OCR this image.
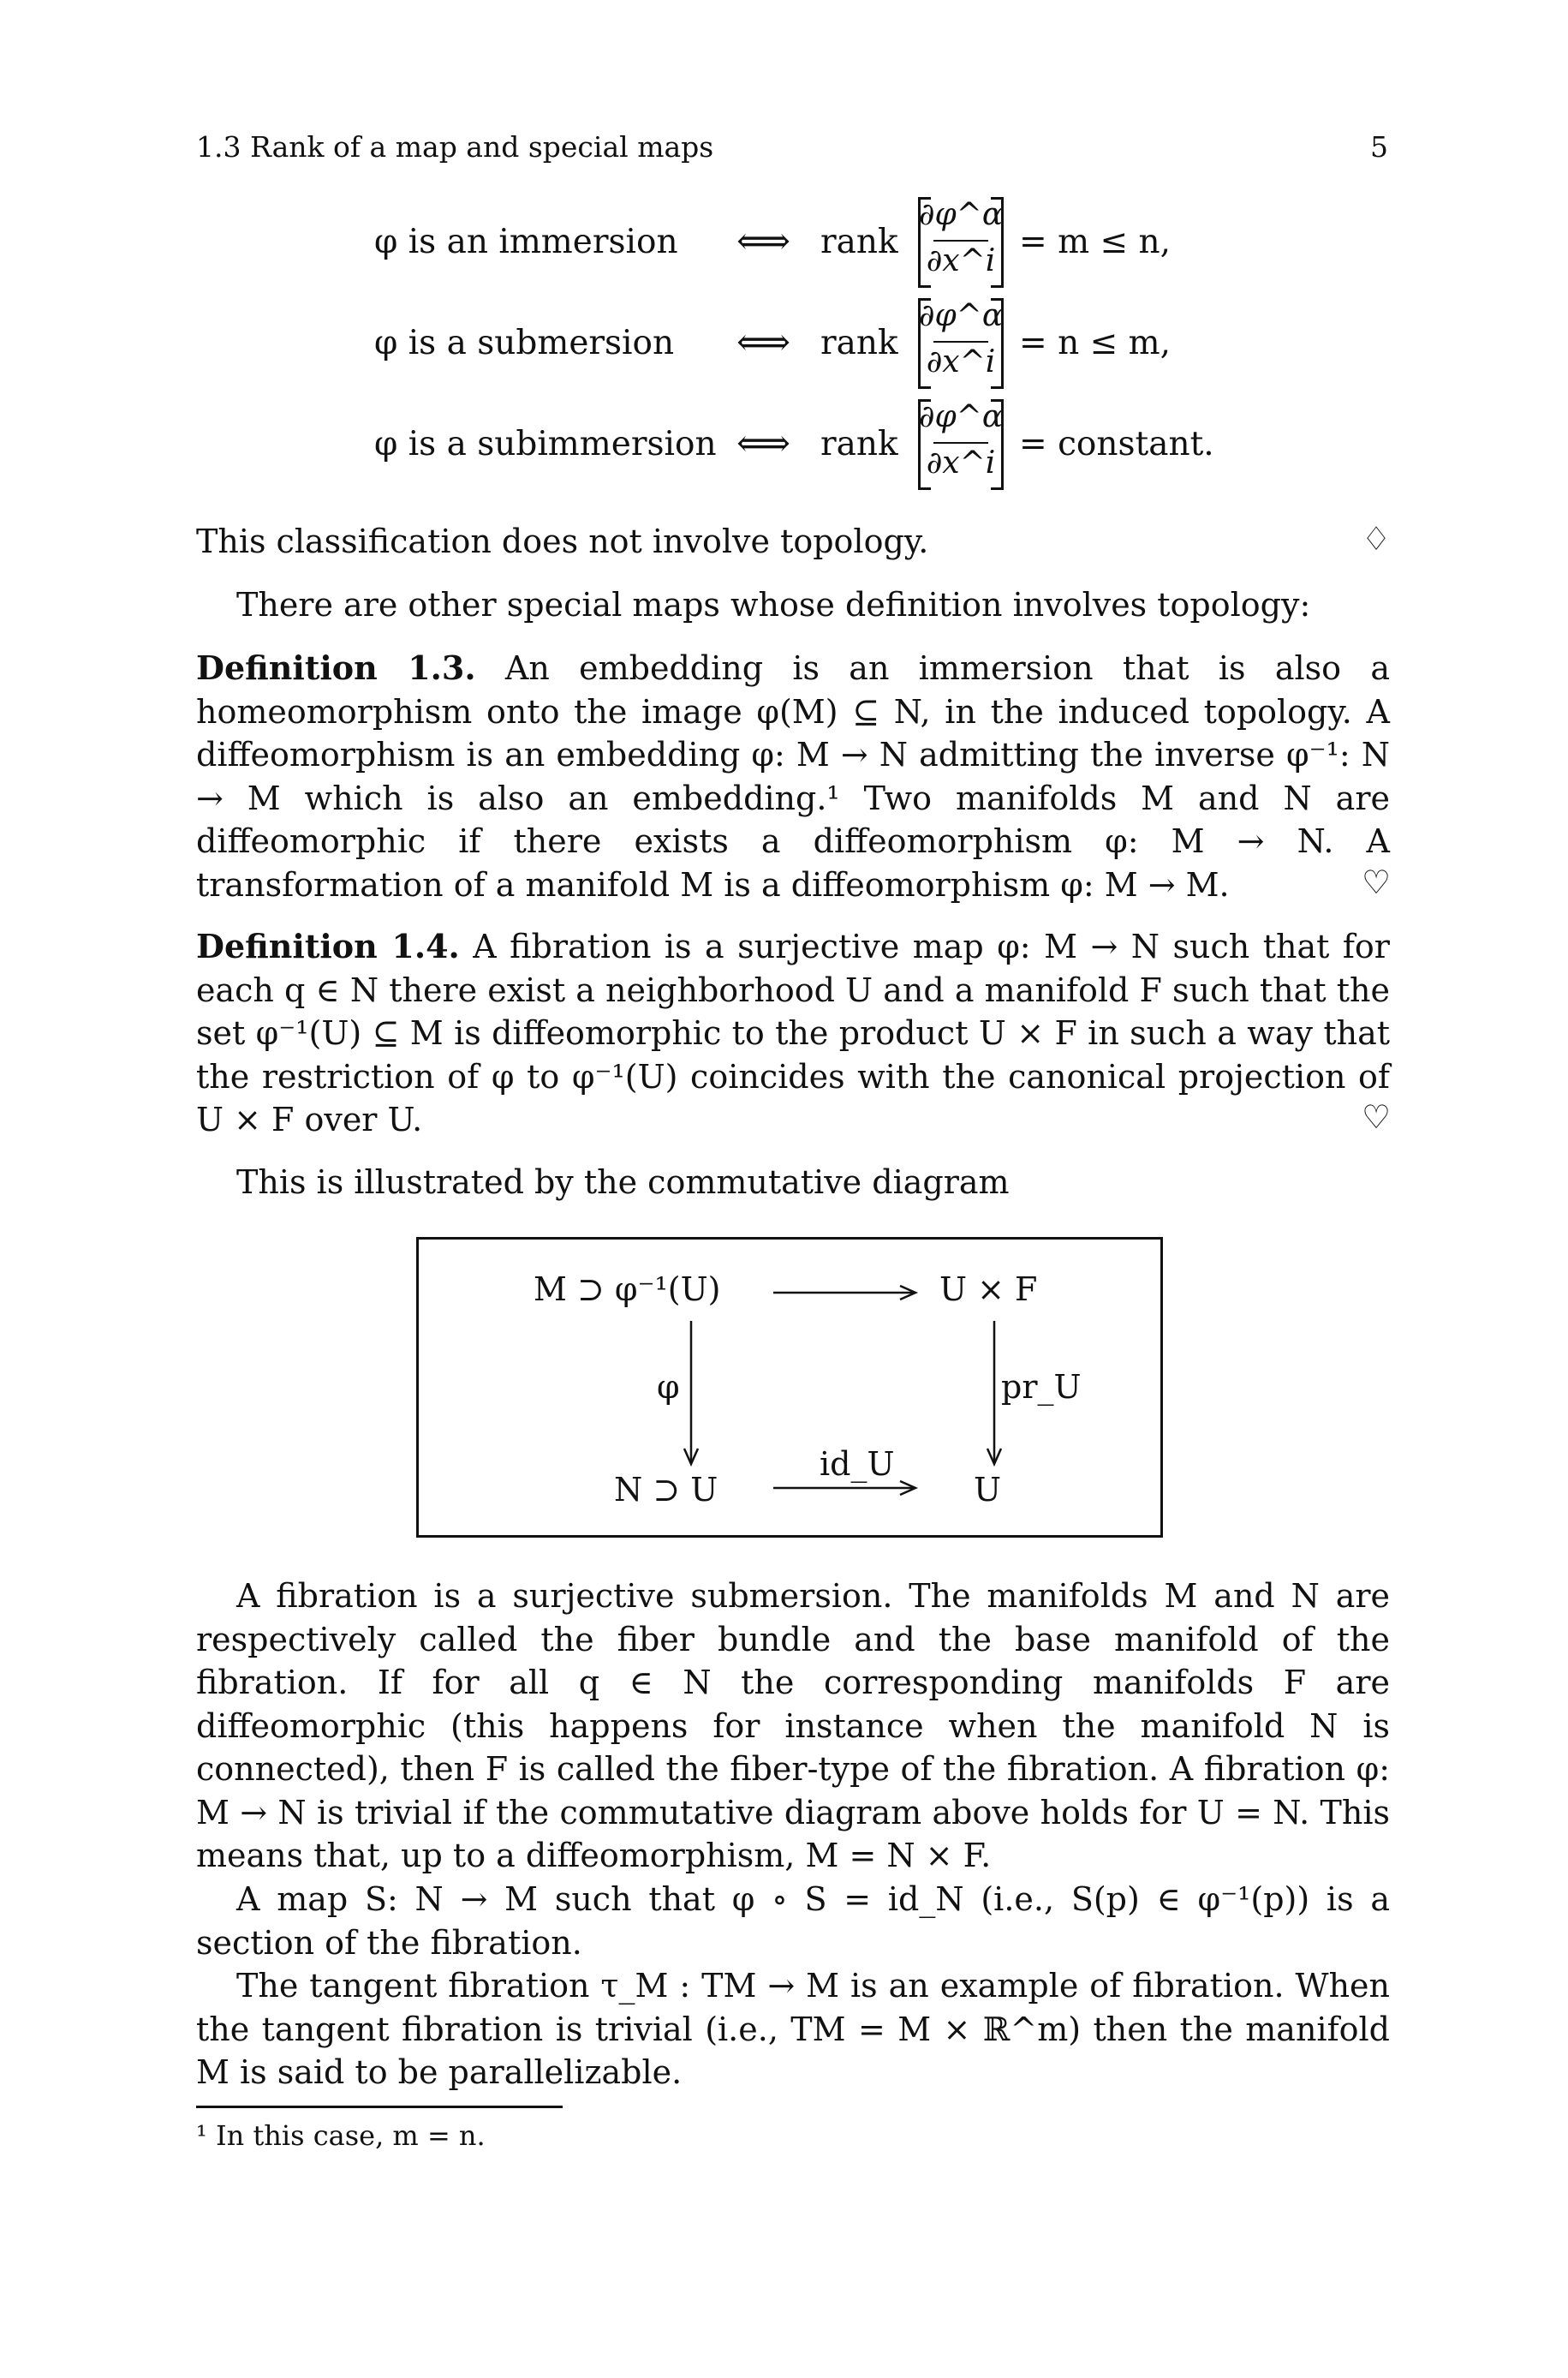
1.3 Rank of a map and special maps	5
φ is an immersion ⟺ rank
∂φ^α
∂x^i = m ≤ n,
φ is a submersion ⟺ rank
∂φ^α
∂x^i = n ≤ m,
φ is a subimmersion ⟺ rank
∂φ^α
∂x^i = constant.
This classification does not involve topology.	♢
There are other special maps whose definition involves topology:
Definition 1.3. An embedding is an immersion that is also a homeomorphism onto the image φ(M) ⊆ N, in the induced topology. A diffeomorphism is an embedding φ: M → N admitting the inverse φ⁻¹: N → M which is also an embedding.¹ Two manifolds M and N are diffeomorphic if there exists a diffeomorphism φ: M → N. A transformation of a manifold M is a diffeomorphism φ: M → M.	♡
Definition 1.4. A fibration is a surjective map φ: M → N such that for each q ∈ N there exist a neighborhood U and a manifold F such that the set φ⁻¹(U) ⊆ M is diffeomorphic to the product U × F in such a way that the restriction of φ to φ⁻¹(U) coincides with the canonical projection of U × F over U.	♡
This is illustrated by the commutative diagram
M ⊃ φ⁻¹(U)	U × F
φ	pr_U
N ⊃ U	U
id_U
A fibration is a surjective submersion. The manifolds M and N are respectively called the fiber bundle and the base manifold of the fibration. If for all q ∈ N the corresponding manifolds F are diffeomorphic (this happens for instance when the manifold N is connected), then F is called the fiber-type of the fibration. A fibration φ: M → N is trivial if the commutative diagram above holds for U = N. This means that, up to a diffeomorphism, M = N × F.
A map S: N → M such that φ ∘ S = id_N (i.e., S(p) ∈ φ⁻¹(p)) is a section of the fibration.
The tangent fibration τ_M : TM → M is an example of fibration. When the tangent fibration is trivial (i.e., TM = M × ℝ^m) then the manifold M is said to be parallelizable.
¹ In this case, m = n.
